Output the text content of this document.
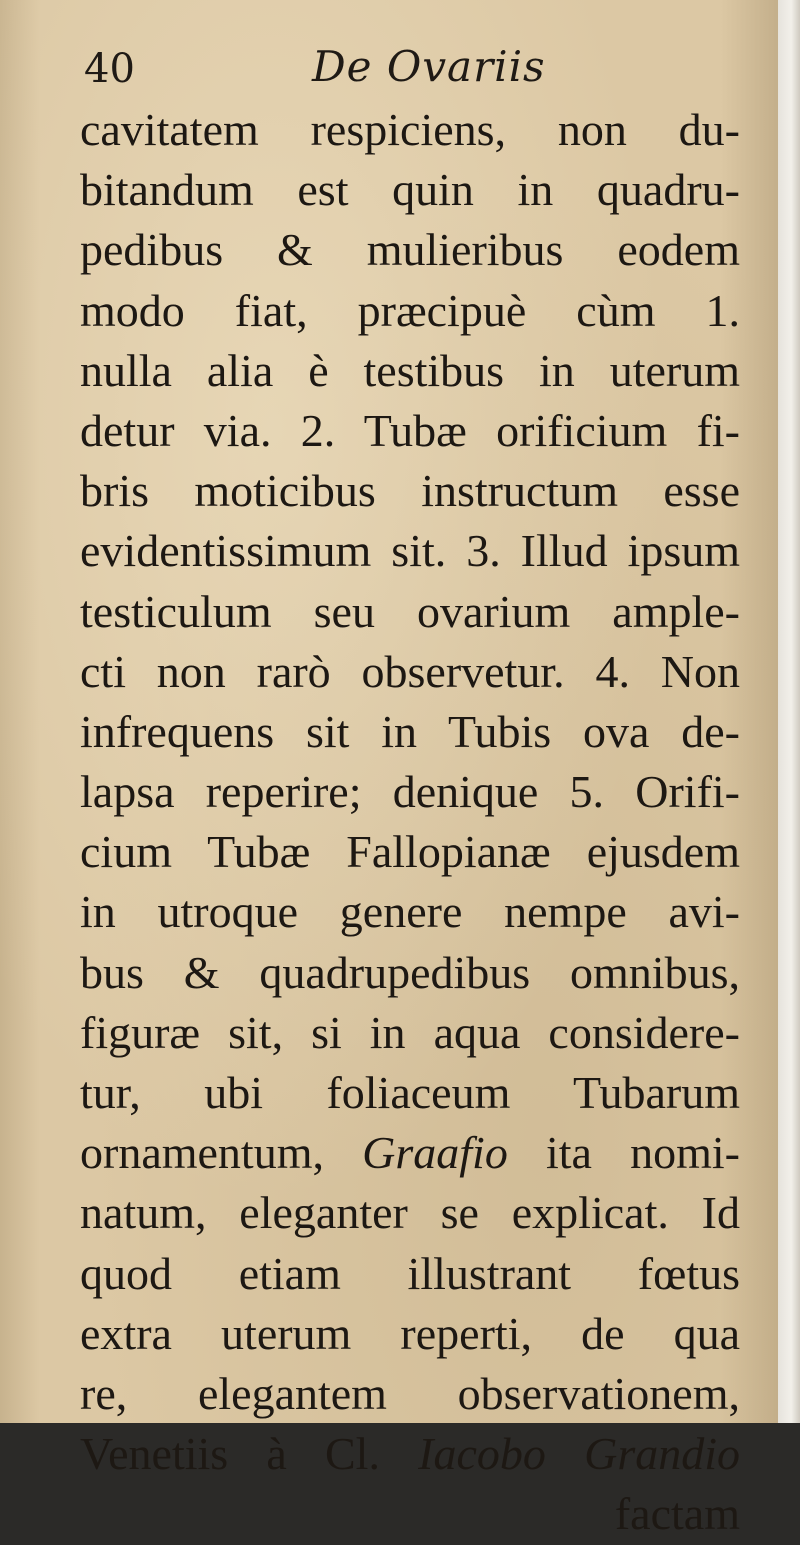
40	De Ovariis
cavitatem respiciens, non du-
bitandum est quin in quadru-
pedibus & mulieribus eodem
modo fiat, præcipuè cùm 1.
nulla alia è testibus in uterum
detur via. 2. Tubæ orificium fi-
bris moticibus instructum esse
evidentissimum sit. 3. Illud ipsum
testiculum seu ovarium ample-
cti non rarò observetur. 4. Non
infrequens sit in Tubis ova de-
lapsa reperire; denique 5. Orifi-
cium Tubæ Fallopianæ ejusdem
in utroque genere nempe avi-
bus & quadrupedibus omnibus,
figuræ sit, si in aqua considere-
tur, ubi foliaceum Tubarum
ornamentum, Graafio ita nomi-
natum, eleganter se explicat. Id
quod etiam illustrant fœtus
extra uterum reperti, de qua
re, elegantem observationem,
Venetiis à Cl. Iacobo Grandio
factam
